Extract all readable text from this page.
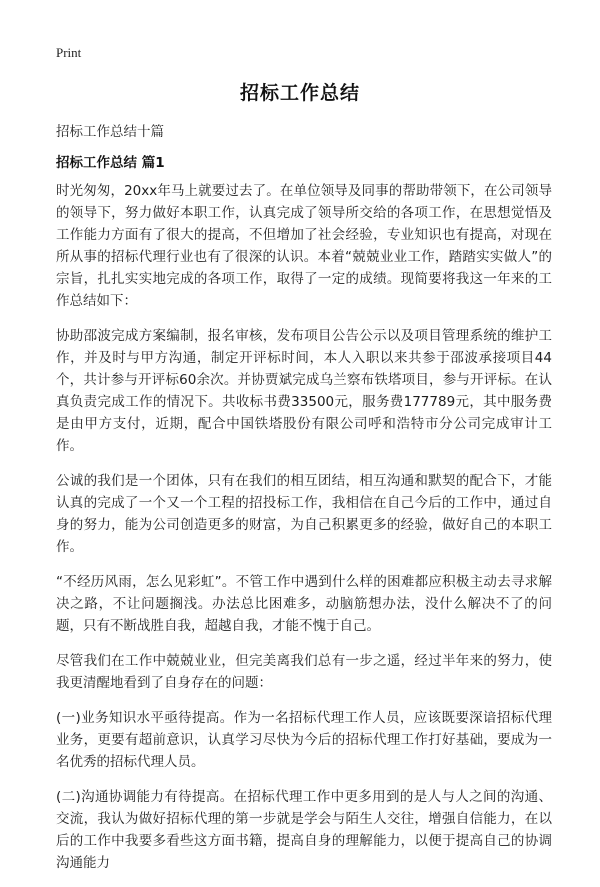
Print
招标工作总结
招标工作总结十篇
招标工作总结 篇1

时光匆匆，20xx年马上就要过去了。在单位领导及同事的帮助带领下，在公司领导的领导下，努力做好本职工作，认真完成了领导所交给的各项工作，在思想觉悟及工作能力方面有了很大的提高，不但增加了社会经验，专业知识也有提高，对现在所从事的招标代理行业也有了很深的认识。本着“兢兢业业工作，踏踏实实做人”的宗旨，扎扎实实地完成的各项工作，取得了一定的成绩。现简要将我这一年来的工作总结如下：

协助邵波完成方案编制，报名审核，发布项目公告公示以及项目管理系统的维护工作，并及时与甲方沟通，制定开评标时间，本人入职以来共参于邵波承接项目44个，共计参与开评标60余次。并协贾斌完成乌兰察布铁塔项目，参与开评标。在认真负责完成工作的情况下。共收标书费33500元，服务费177789元，其中服务费是由甲方支付，近期，配合中国铁塔股份有限公司呼和浩特市分公司完成审计工作。

公诚的我们是一个团体，只有在我们的相互团结，相互沟通和默契的配合下，才能认真的完成了一个又一个工程的招投标工作，我相信在自己今后的工作中，通过自身的努力，能为公司创造更多的财富，为自己积累更多的经验，做好自己的本职工作。

“不经历风雨，怎么见彩虹”。不管工作中遇到什么样的困难都应积极主动去寻求解决之路，不让问题搁浅。办法总比困难多，动脑筋想办法，没什么解决不了的问题，只有不断战胜自我，超越自我，才能不愧于自己。

尽管我们在工作中兢兢业业，但完美离我们总有一步之遥，经过半年来的努力，使我更清醒地看到了自身存在的问题：

(一)业务知识水平亟待提高。作为一名招标代理工作人员，应该既要深谙招标代理业务，更要有超前意识，认真学习尽快为今后的招标代理工作打好基础，要成为一名优秀的招标代理人员。

(二)沟通协调能力有待提高。在招标代理工作中更多用到的是人与人之间的沟通、交流，我认为做好招标代理的第一步就是学会与陌生人交往，增强自信能力，在以后的工作中我要多看些这方面书籍，提高自身的理解能力，以便于提高自己的协调沟通能力
